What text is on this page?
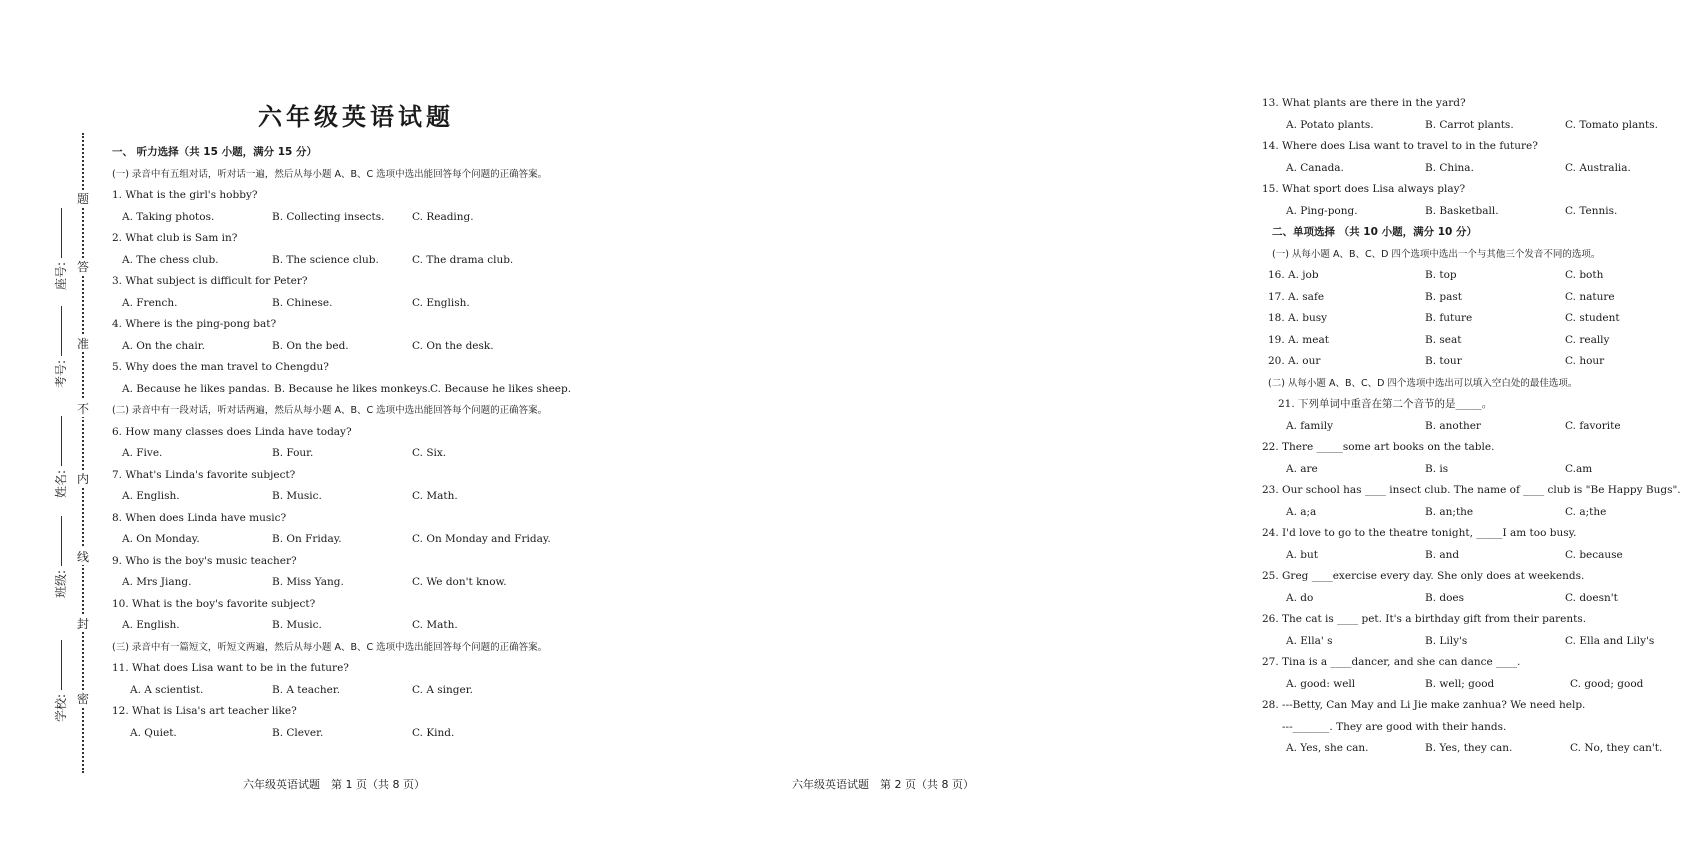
学校:
班级:
姓名:
考号:
座号:
密
封
线
内
不
准
答
题
六年级英语试题
一、 听力选择（共 15 小题，满分 15 分）
(一) 录音中有五组对话，听对话一遍，然后从每小题 A、B、C 选项中选出能回答每个问题的正确答案。
1. What is the girl's hobby?
A. Taking photos.	B. Collecting insects.	C. Reading.
2. What club is Sam in?
A. The chess club.	B. The science club.	C. The drama club.
3. What subject is difficult for Peter?
A. French.	B. Chinese.	C. English.
4. Where is the ping-pong bat?
A. On the chair.	B. On the bed.	C. On the desk.
5. Why does the man travel to Chengdu?
A. Because he likes pandas. B. Because he likes monkeys. C. Because he likes sheep.
(二) 录音中有一段对话，听对话两遍，然后从每小题 A、B、C 选项中选出能回答每个问题的正确答案。
6. How many classes does Linda have today?
A. Five.	B. Four.	C. Six.
7. What's Linda's favorite subject?
A. English.	B. Music.	C. Math.
8. When does Linda have music?
A. On Monday.	B. On Friday.	C. On Monday and Friday.
9. Who is the boy's music teacher?
A. Mrs Jiang.	B. Miss Yang.	C. We don't know.
10. What is the boy's favorite subject?
A. English.	B. Music.	C. Math.
(三) 录音中有一篇短文，听短文两遍，然后从每小题 A、B、C 选项中选出能回答每个问题的正确答案。
11. What does Lisa want to be in the future?
A. A scientist.	B. A teacher.	C. A singer.
12. What is Lisa's art teacher like?
A. Quiet.	B. Clever.	C. Kind.
六年级英语试题　第 1 页（共 8 页）
13. What plants are there in the yard?
A. Potato plants.	B. Carrot plants.	C. Tomato plants.
14. Where does Lisa want to travel to in the future?
A. Canada.	B. China.	C. Australia.
15. What sport does Lisa always play?
A. Ping-pong.	B. Basketball.	C. Tennis.
二、单项选择 （共 10 小题，满分 10 分）
(一) 从每小题 A、B、C、D 四个选项中选出一个与其他三个发音不同的选项。
16. A. job	B. top	C. both
17. A. safe	B. past	C. nature
18. A. busy	B. future	C. student
19. A. meat	B. seat	C. really
20. A. our	B. tour	C. hour
(二) 从每小题 A、B、C、D 四个选项中选出可以填入空白处的最佳选项。
21. 下列单词中重音在第二个音节的是_____。
A. family	B. another	C. favorite
22. There _____some art books on the table.
A. are	B. is	C.am
23. Our school has ____ insect club. The name of ____ club is "Be Happy Bugs".
A. a;a	B. an;the	C. a;the
24. I'd love to go to the theatre tonight, _____I am too busy.
A. but	B. and	C. because
25. Greg ____exercise every day. She only does at weekends.
A. do	B. does	C. doesn't
26. The cat is ____ pet. It's a birthday gift from their parents.
A. Ella' s	B. Lily's	C. Ella and Lily's
27. Tina is a ____dancer, and she can dance ____.
A. good: well	B. well; good	C. good; good
28. ---Betty, Can May and Li Jie make zanhua? We need help.
---_______. They are good with their hands.
A. Yes, she can.	B. Yes, they can.	C. No, they can't.
六年级英语试题　第 2 页（共 8 页）
